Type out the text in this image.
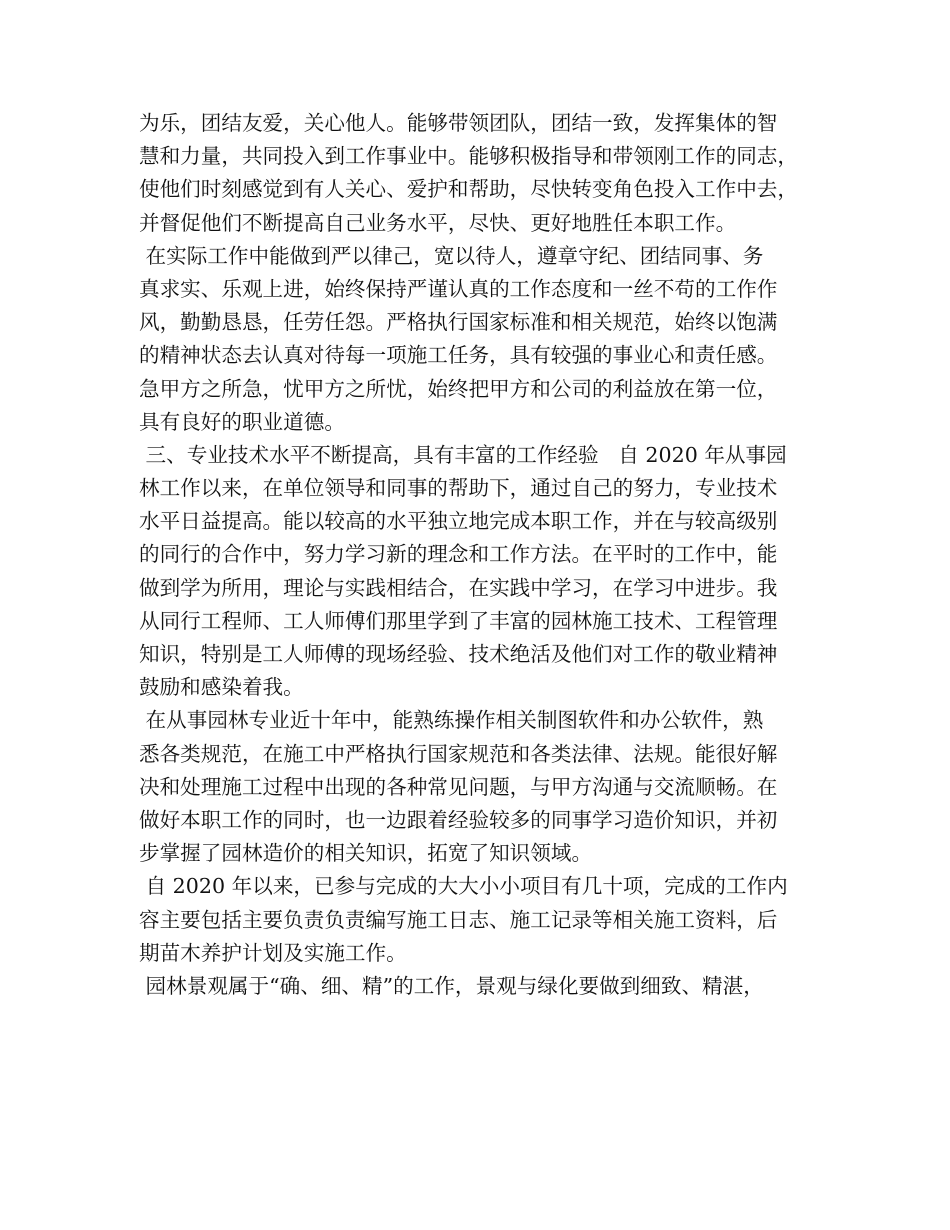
为乐，团结友爱，关心他人。能够带领团队，团结一致，发挥集体的智
慧和力量，共同投入到工作事业中。能够积极指导和带领刚工作的同志，
使他们时刻感觉到有人关心、爱护和帮助，尽快转变角色投入工作中去，
并督促他们不断提高自己业务水平，尽快、更好地胜任本职工作。
在实际工作中能做到严以律己，宽以待人，遵章守纪、团结同事、务
真求实、乐观上进，始终保持严谨认真的工作态度和一丝不苟的工作作
风，勤勤恳恳，任劳任怨。严格执行国家标准和相关规范，始终以饱满
的精神状态去认真对待每一项施工任务，具有较强的事业心和责任感。
急甲方之所急，忧甲方之所忧，始终把甲方和公司的利益放在第一位，
具有良好的职业道德。
三、专业技术水平不断提高，具有丰富的工作经验   自 2020 年从事园
林工作以来，在单位领导和同事的帮助下，通过自己的努力，专业技术
水平日益提高。能以较高的水平独立地完成本职工作，并在与较高级别
的同行的合作中，努力学习新的理念和工作方法。在平时的工作中，能
做到学为所用，理论与实践相结合，在实践中学习，在学习中进步。我
从同行工程师、工人师傅们那里学到了丰富的园林施工技术、工程管理
知识，特别是工人师傅的现场经验、技术绝活及他们对工作的敬业精神
鼓励和感染着我。
在从事园林专业近十年中，能熟练操作相关制图软件和办公软件，熟
悉各类规范，在施工中严格执行国家规范和各类法律、法规。能很好解
决和处理施工过程中出现的各种常见问题，与甲方沟通与交流顺畅。在
做好本职工作的同时，也一边跟着经验较多的同事学习造价知识，并初
步掌握了园林造价的相关知识，拓宽了知识领域。
自 2020 年以来，已参与完成的大大小小项目有几十项，完成的工作内
容主要包括主要负责负责编写施工日志、施工记录等相关施工资料，后
期苗木养护计划及实施工作。
园林景观属于“确、细、精”的工作，景观与绿化要做到细致、精湛，
